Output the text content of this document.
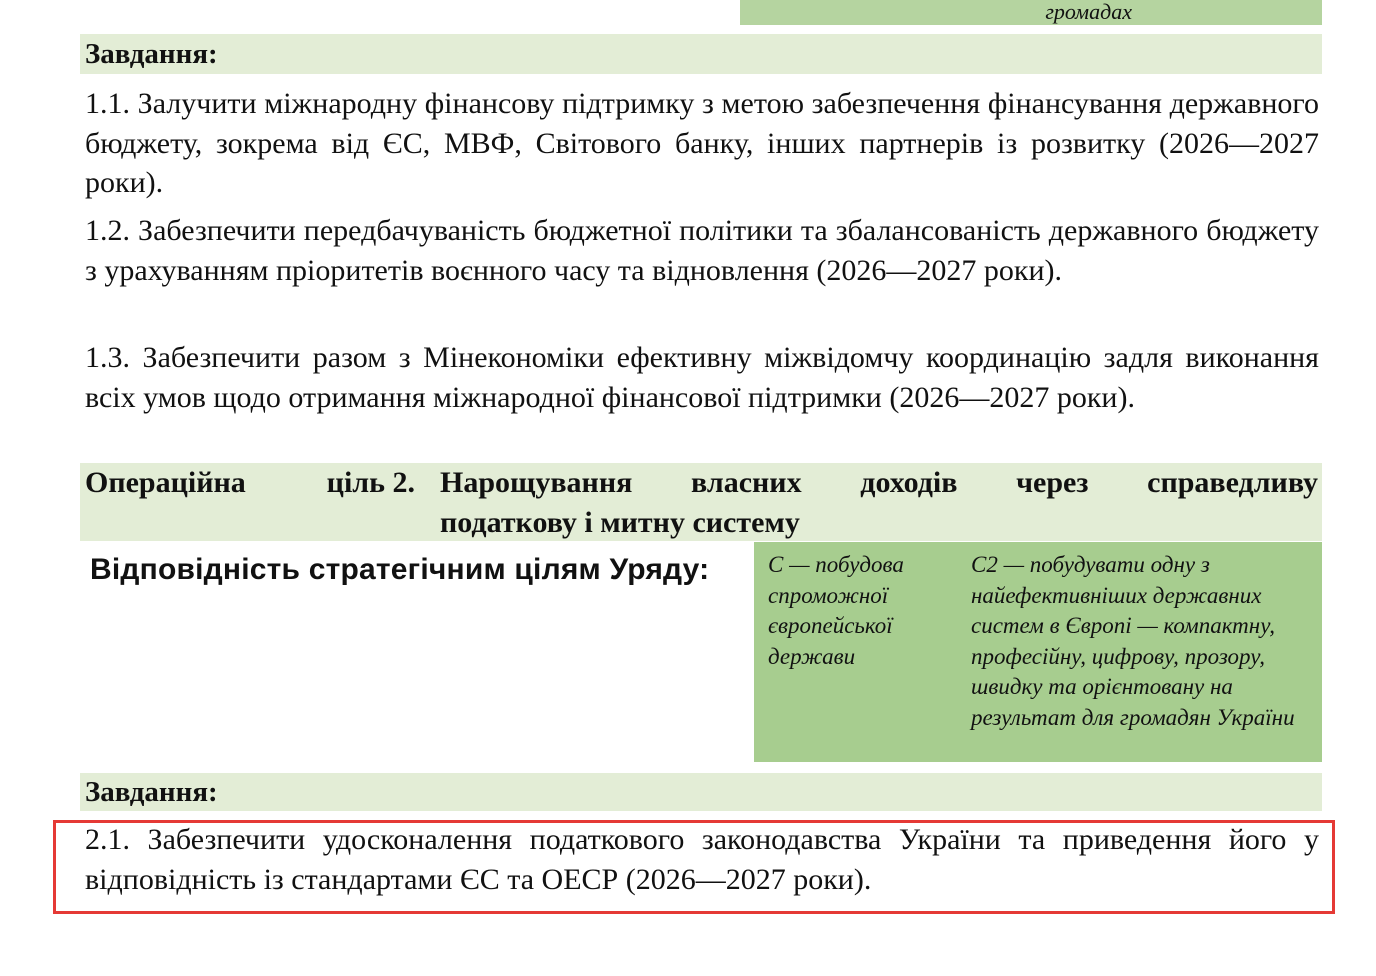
громадах
Завдання:

1.1. Залучити міжнародну фінансову підтримку з метою забезпечення фінансування державного бюджету, зокрема від ЄС, МВФ, Світового банку, інших партнерів із розвитку (2026—2027 роки).

1.2. Забезпечити передбачуваність бюджетної політики та збалансованість державного бюджету з урахуванням пріоритетів воєнного часу та відновлення (2026—2027 роки).

1.3. Забезпечити разом з Мінекономіки ефективну міжвідомчу координацію задля виконання всіх умов щодо отримання міжнародної фінансової підтримки (2026—2027 роки).

Операційна	ціль 2. Нарощування власних доходів через справедливу
податкову і митну систему
Відповідність стратегічним цілям Уряду:	С — побудова спроможної європейської держави
С2 — побудувати одну з найефективніших державних систем в Європі — компактну, професійну, цифрову, прозору, швидку та орієнтовану на результат для громадян України
Завдання:

2.1. Забезпечити удосконалення податкового законодавства України та приведення його у відповідність із стандартами ЄС та ОЕСР (2026—2027 роки).
